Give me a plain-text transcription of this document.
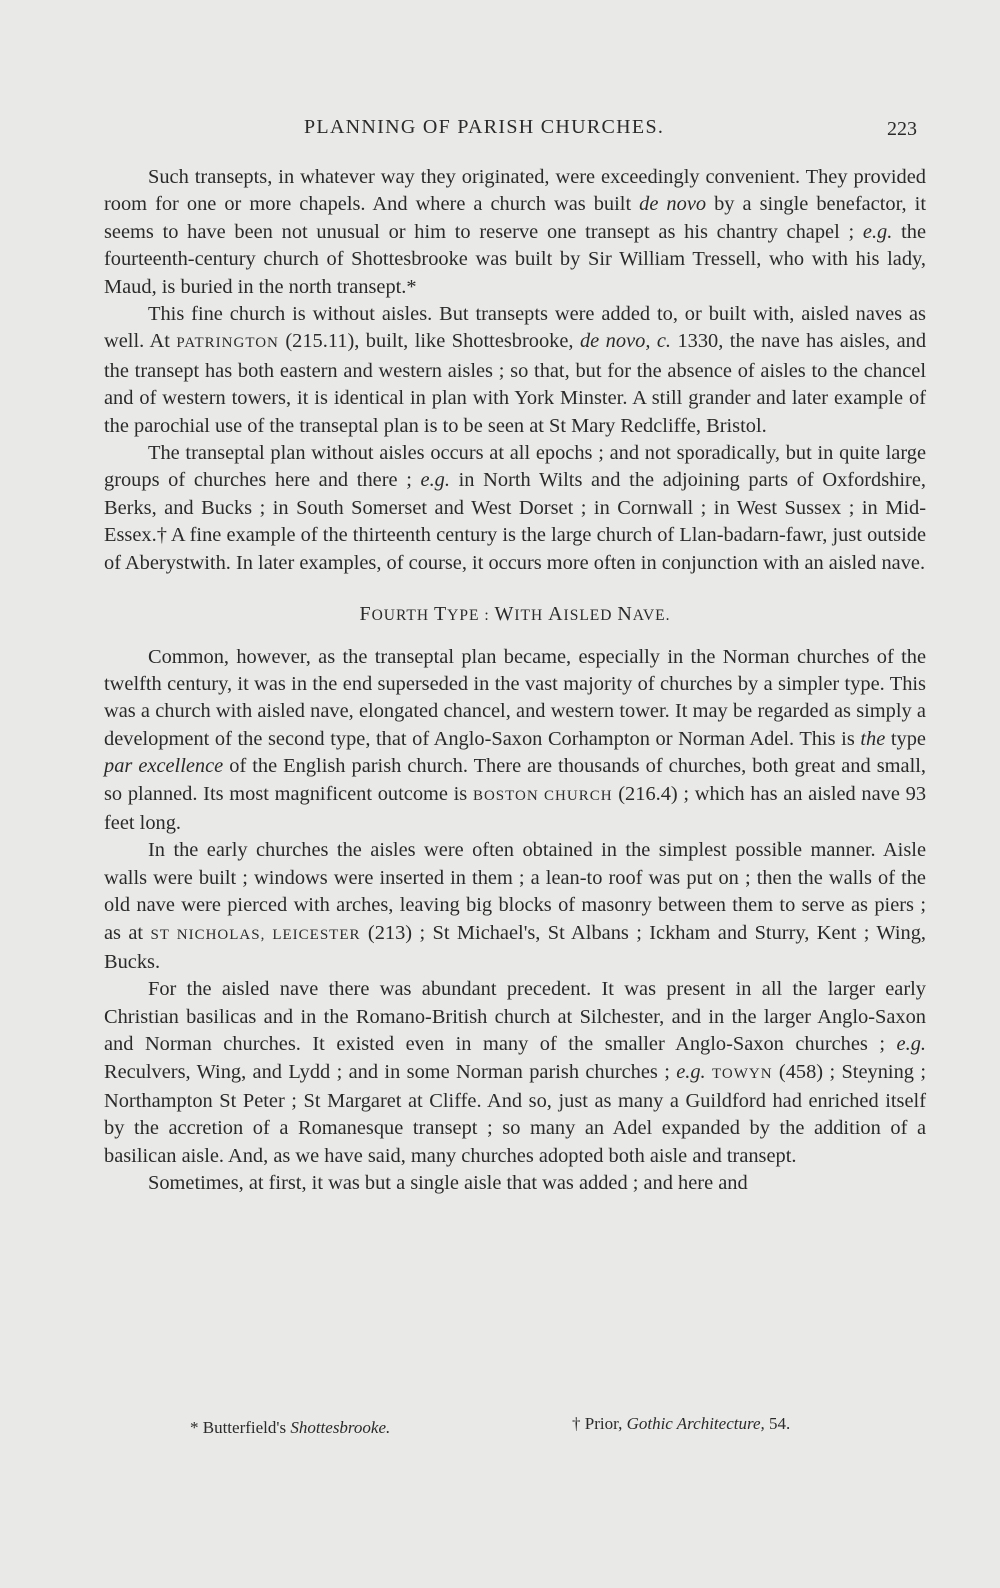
PLANNING OF PARISH CHURCHES.	223

Such transepts, in whatever way they originated, were exceedingly convenient. They provided room for one or more chapels. And where a church was built de novo by a single benefactor, it seems to have been not unusual or him to reserve one transept as his chantry chapel ; e.g. the fourteenth-century church of Shottesbrooke was built by Sir William Tressell, who with his lady, Maud, is buried in the north transept.*

This fine church is without aisles. But transepts were added to, or built with, aisled naves as well. At PATRINGTON (215.11), built, like Shottesbrooke, de novo, c. 1330, the nave has aisles, and the transept has both eastern and western aisles ; so that, but for the absence of aisles to the chancel and of western towers, it is identical in plan with York Minster. A still grander and later example of the parochial use of the transeptal plan is to be seen at St Mary Redcliffe, Bristol.

The transeptal plan without aisles occurs at all epochs ; and not sporadically, but in quite large groups of churches here and there ; e.g. in North Wilts and the adjoining parts of Oxfordshire, Berks, and Bucks ; in South Somerset and West Dorset ; in Cornwall ; in West Sussex ; in Mid-Essex.† A fine example of the thirteenth century is the large church of Llan-badarn-fawr, just outside of Aberystwith. In later examples, of course, it occurs more often in conjunction with an aisled nave.

FOURTH TYPE : WITH AISLED NAVE.

Common, however, as the transeptal plan became, especially in the Norman churches of the twelfth century, it was in the end superseded in the vast majority of churches by a simpler type. This was a church with aisled nave, elongated chancel, and western tower. It may be regarded as simply a development of the second type, that of Anglo-Saxon Corhampton or Norman Adel. This is the type par excellence of the English parish church. There are thousands of churches, both great and small, so planned. Its most magnificent outcome is BOSTON CHURCH (216.4) ; which has an aisled nave 93 feet long.

In the early churches the aisles were often obtained in the simplest possible manner. Aisle walls were built ; windows were inserted in them ; a lean-to roof was put on ; then the walls of the old nave were pierced with arches, leaving big blocks of masonry between them to serve as piers ; as at ST NICHOLAS, LEICESTER (213) ; St Michael's, St Albans ; Ickham and Sturry, Kent ; Wing, Bucks.

For the aisled nave there was abundant precedent. It was present in all the larger early Christian basilicas and in the Romano-British church at Silchester, and in the larger Anglo-Saxon and Norman churches. It existed even in many of the smaller Anglo-Saxon churches ; e.g. Reculvers, Wing, and Lydd ; and in some Norman parish churches ; e.g. TOWYN (458) ; Steyning ; Northampton St Peter ; St Margaret at Cliffe. And so, just as many a Guildford had enriched itself by the accretion of a Romanesque transept ; so many an Adel expanded by the addition of a basilican aisle. And, as we have said, many churches adopted both aisle and transept.

Sometimes, at first, it was but a single aisle that was added ; and here and

* Butterfield's Shottesbrooke.	† Prior, Gothic Architecture, 54.
